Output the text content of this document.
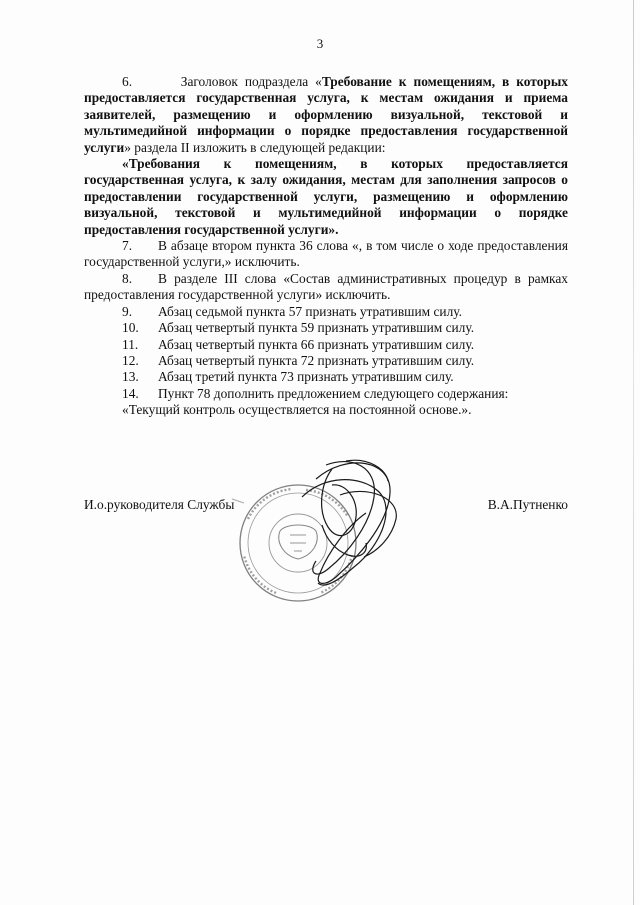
3

6.	Заголовок подраздела «Требование к помещениям, в которых предоставляется государственная услуга, к местам ожидания и приема заявителей, размещению и оформлению визуальной, текстовой и мультимедийной информации о порядке предоставления государственной услуги» раздела II изложить в следующей редакции:

«Требования к помещениям, в которых предоставляется государственная услуга, к залу ожидания, местам для заполнения запросов о предоставлении государственной услуги, размещению и оформлению визуальной, текстовой и мультимедийной информации о порядке предоставления государственной услуги».

7. В абзаце втором пункта 36 слова «, в том числе о ходе предоставления государственной услуги,» исключить.

8. В разделе III слова «Состав административных процедур в рамках предоставления государственной услуги» исключить.

9. Абзац седьмой пункта 57 признать утратившим силу.

10. Абзац четвертый пункта 59 признать утратившим силу.

11. Абзац четвертый пункта 66 признать утратившим силу.

12. Абзац четвертый пункта 72 признать утратившим силу.

13. Абзац третий пункта 73 признать утратившим силу.

14. Пункт 78 дополнить предложением следующего содержания:

«Текущий контроль осуществляется на постоянной основе.».

И.о.руководителя Службы	В.А.Путненко
